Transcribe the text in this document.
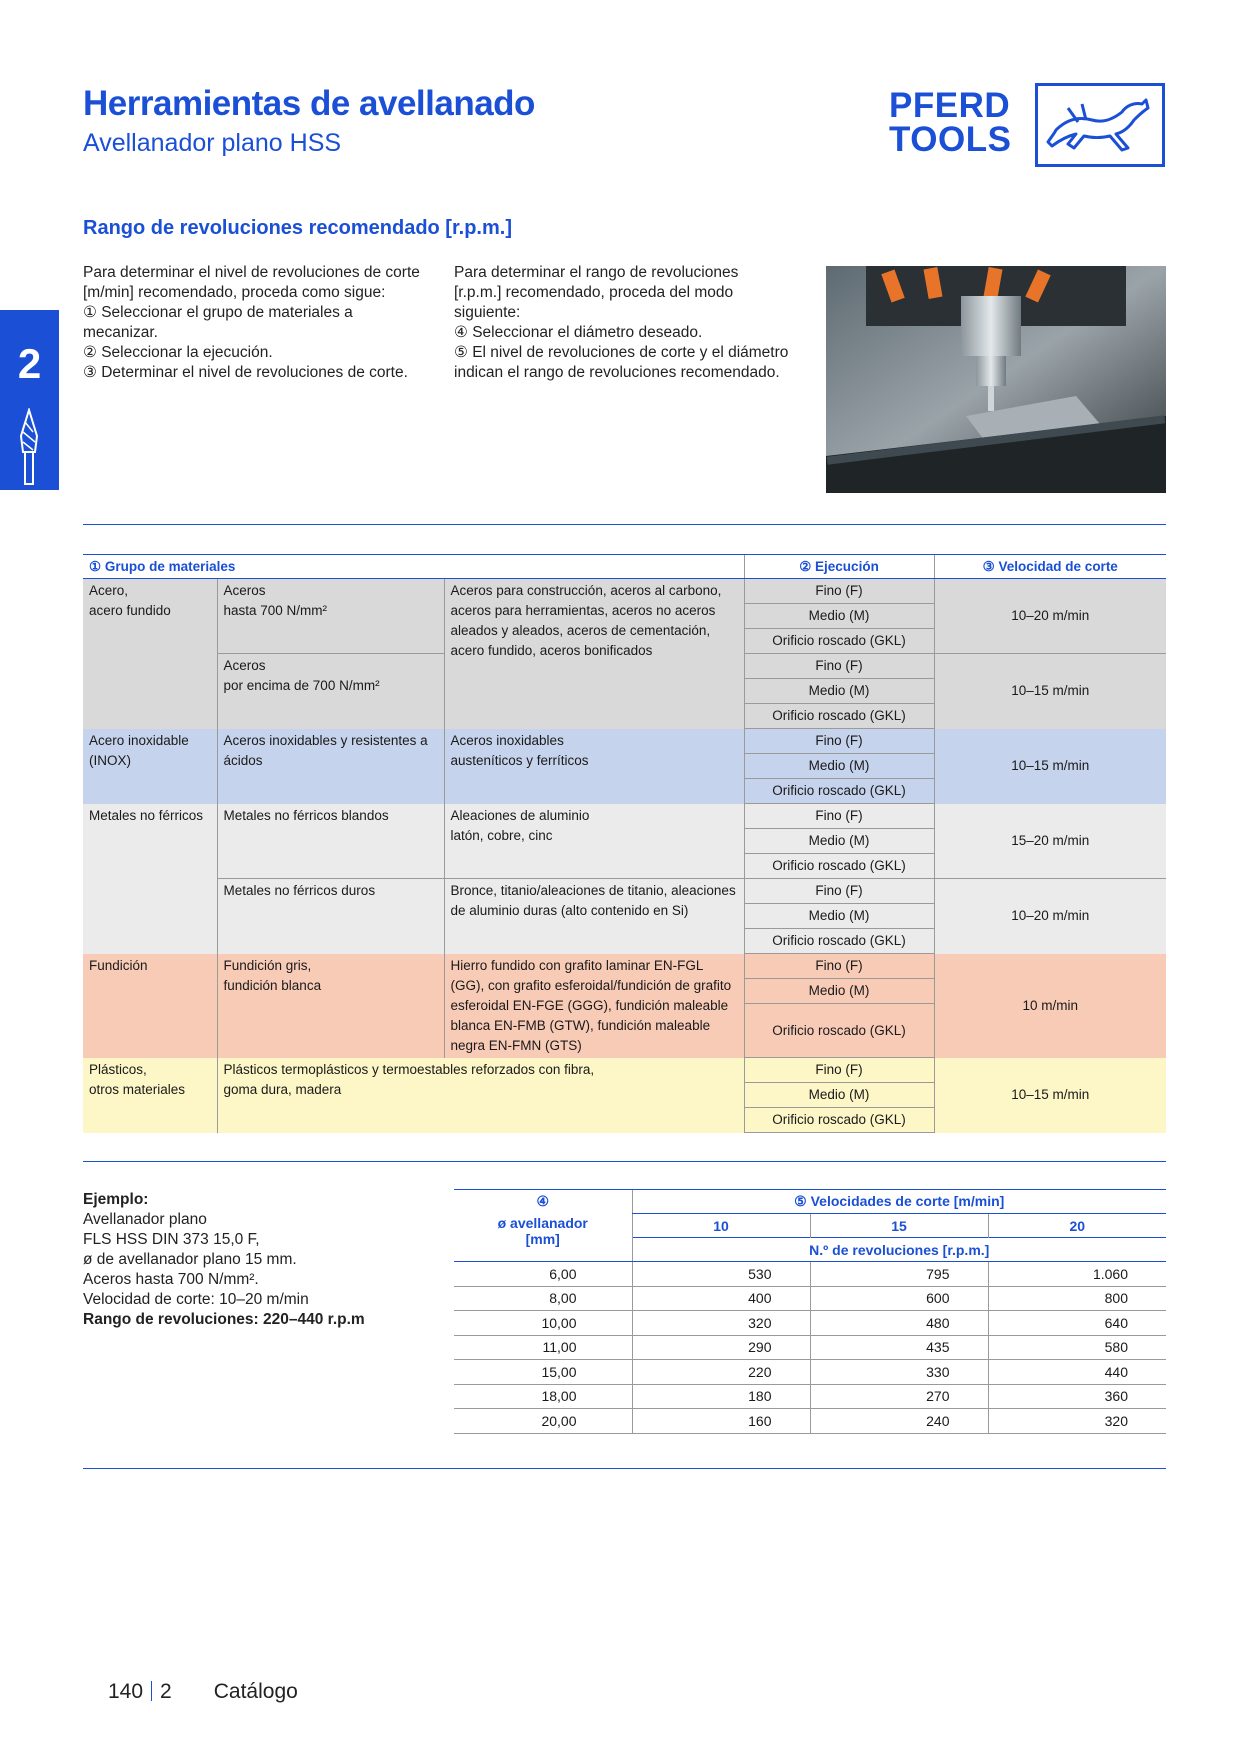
Herramientas de avellanado
Avellanador plano HSS
PFERD
TOOLS
2
Rango de revoluciones recomendado [r.p.m.]

Para determinar el nivel de revoluciones de corte [m/min] recomendado, proceda como sigue:

① Seleccionar el grupo de materiales a mecanizar.

② Seleccionar la ejecución.

③ Determinar el nivel de revoluciones de corte.

Para determinar el rango de revoluciones [r.p.m.] recomendado, proceda del modo siguiente:

④ Seleccionar el diámetro deseado.

⑤ El nivel de revoluciones de corte y el diámetro indican el rango de revoluciones recomendado.

① Grupo de materiales			② Ejecución	③ Velocidad de corte
Acero,
acero fundido	Aceros
hasta 700 N/mm²	Aceros para construcción, aceros al carbono, aceros para herramientas, aceros no aceros aleados y aleados, aceros de cementación, acero fundido, aceros bonificados	Fino (F)	10–20 m/min
			Medio (M)	
			Orificio roscado (GKL)	
	Aceros
por encima de 700 N/mm²		Fino (F)	10–15 m/min
			Medio (M)	
			Orificio roscado (GKL)	
Acero inoxidable
(INOX)	Aceros inoxidables y resistentes a ácidos	Aceros inoxidables
austeníticos y ferríticos	Fino (F)	10–15 m/min
			Medio (M)	
			Orificio roscado (GKL)	
Metales no férricos	Metales no férricos blandos	Aleaciones de aluminio
latón, cobre, cinc	Fino (F)	15–20 m/min
			Medio (M)	
			Orificio roscado (GKL)	
	Metales no férricos duros	Bronce, titanio/aleaciones de titanio, aleaciones de aluminio duras (alto contenido en Si)	Fino (F)	10–20 m/min
			Medio (M)	
			Orificio roscado (GKL)	
Fundición	Fundición gris,
fundición blanca	Hierro fundido con grafito laminar EN-FGL (GG), con grafito esferoidal/fundición de grafito esferoidal EN-FGE (GGG), fundición maleable blanca EN-FMB (GTW), fundición maleable negra EN-FMN (GTS)	Fino (F)	10 m/min
			Medio (M)	
			Orificio roscado (GKL)	
Plásticos,
otros materiales	Plásticos termoplásticos y termoestables reforzados con fibra,
goma dura, madera		Fino (F)	10–15 m/min
			Medio (M)	
			Orificio roscado (GKL)	
Ejemplo:
Avellanador plano
FLS HSS DIN 373 15,0 F,
ø de avellanador plano 15 mm.
Aceros hasta 700 N/mm².
Velocidad de corte: 10–20 m/min
Rango de revoluciones: 220–440 r.p.m
④	⑤ Velocidades de corte [m/min]		
ø avellanador
[mm]	10	15	20
	N.º de revoluciones [r.p.m.]		
6,00	530	795	1.060
8,00	400	600	800
10,00	320	480	640
11,00	290	435	580
15,00	220	330	440
18,00	180	270	360
20,00	160	240	320
140 2 Catálogo
